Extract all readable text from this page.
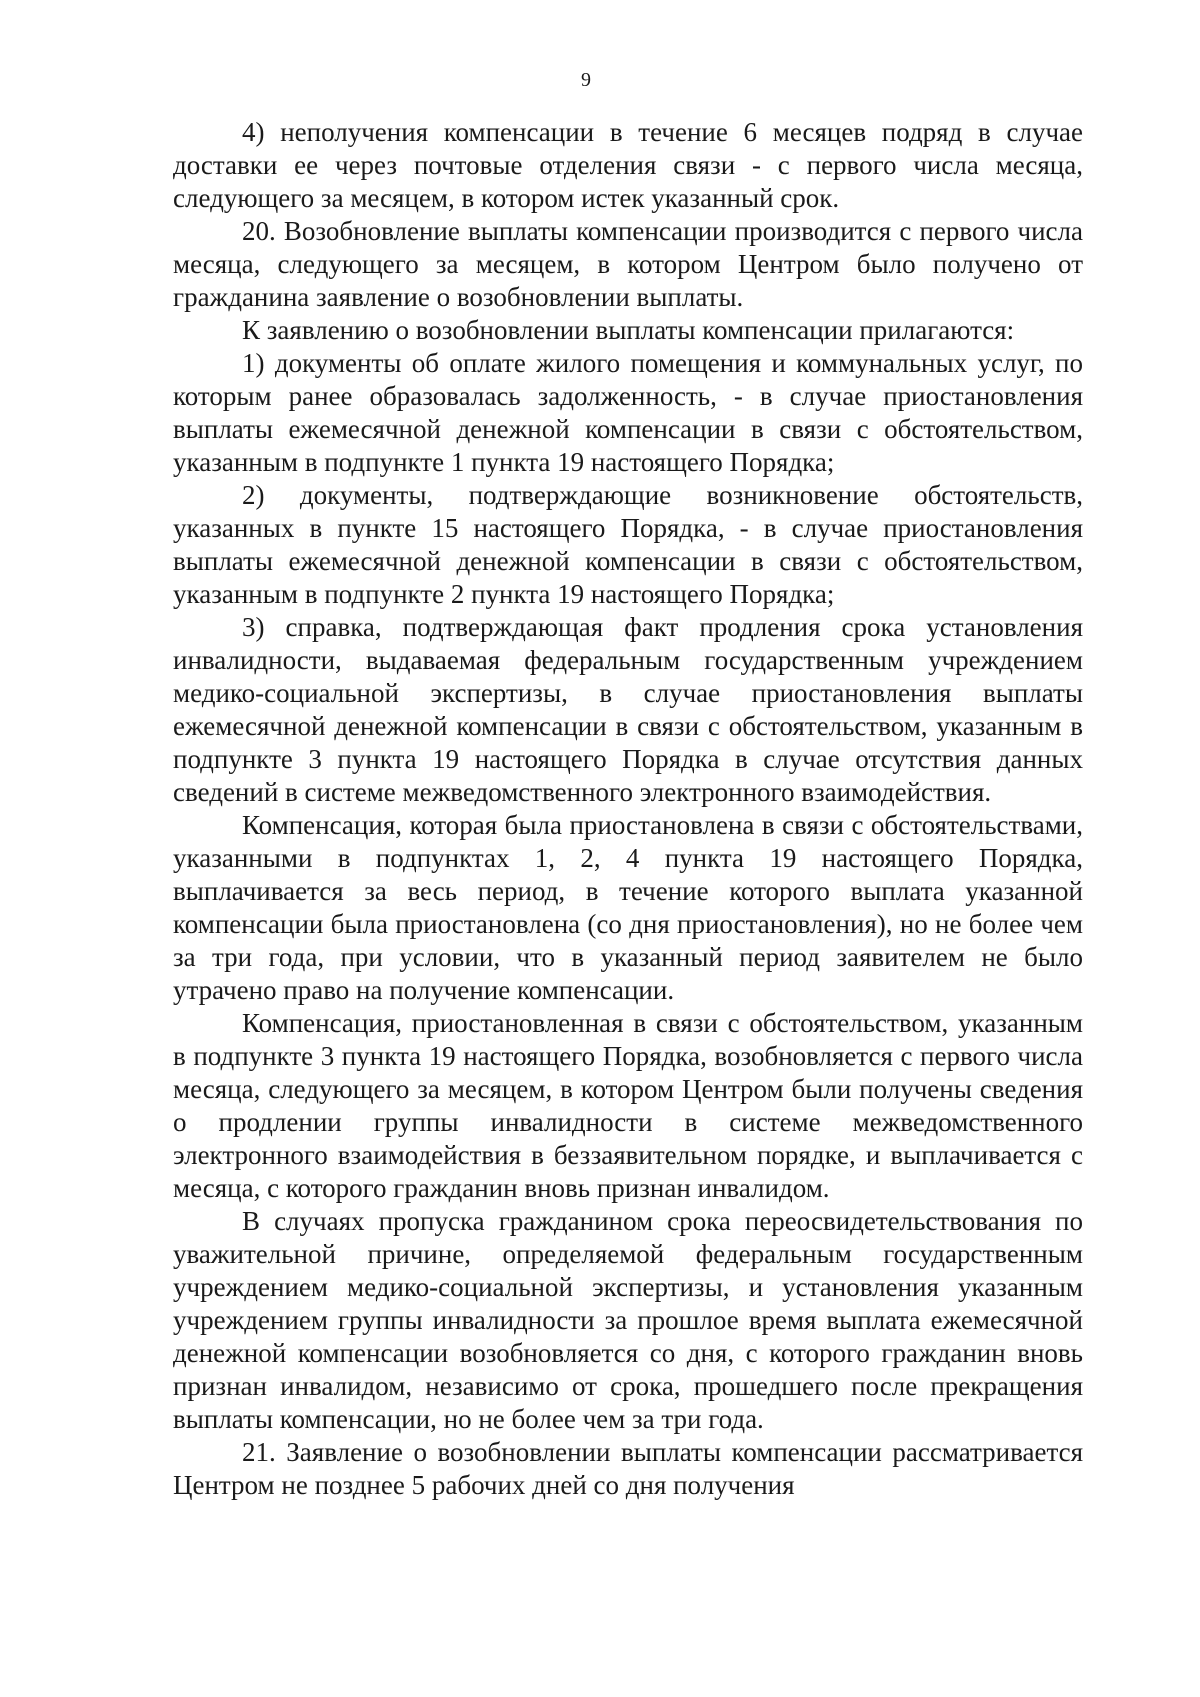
9

4) неполучения компенсации в течение 6 месяцев подряд в случае доставки ее через почтовые отделения связи - с первого числа месяца, следующего за месяцем, в котором истек указанный срок.

20. Возобновление выплаты компенсации производится с первого числа месяца, следующего за месяцем, в котором Центром было получено от гражданина заявление о возобновлении выплаты.

К заявлению о возобновлении выплаты компенсации прилагаются:

1) документы об оплате жилого помещения и коммунальных услуг, по которым ранее образовалась задолженность, - в случае приостановления выплаты ежемесячной денежной компенсации в связи с обстоятельством, указанным в подпункте 1 пункта 19 настоящего Порядка;

2) документы, подтверждающие возникновение обстоятельств, указанных в пункте 15 настоящего Порядка, - в случае приостановления выплаты ежемесячной денежной компенсации в связи с обстоятельством, указанным в подпункте 2 пункта 19 настоящего Порядка;

3) справка, подтверждающая факт продления срока установления инвалидности, выдаваемая федеральным государственным учреждением медико-социальной экспертизы, в случае приостановления выплаты ежемесячной денежной компенсации в связи с обстоятельством, указанным в подпункте 3 пункта 19 настоящего Порядка в случае отсутствия данных сведений в системе межведомственного электронного взаимодействия.

Компенсация, которая была приостановлена в связи с обстоятельствами, указанными в подпунктах 1, 2, 4 пункта 19 настоящего Порядка, выплачивается за весь период, в течение которого выплата указанной компенсации была приостановлена (со дня приостановления), но не более чем за три года, при условии, что в указанный период заявителем не было утрачено право на получение компенсации.

Компенсация, приостановленная в связи с обстоятельством, указанным в подпункте 3 пункта 19 настоящего Порядка, возобновляется с первого числа месяца, следующего за месяцем, в котором Центром были получены сведения о продлении группы инвалидности в системе межведомственного электронного взаимодействия в беззаявительном порядке, и выплачивается с месяца, с которого гражданин вновь признан инвалидом.

В случаях пропуска гражданином срока переосвидетельствования по уважительной причине, определяемой федеральным государственным учреждением медико-социальной экспертизы, и установления указанным учреждением группы инвалидности за прошлое время выплата ежемесячной денежной компенсации возобновляется со дня, с которого гражданин вновь признан инвалидом, независимо от срока, прошедшего после прекращения выплаты компенсации, но не более чем за три года.

21. Заявление о возобновлении выплаты компенсации рассматривается Центром не позднее 5 рабочих дней со дня получения
